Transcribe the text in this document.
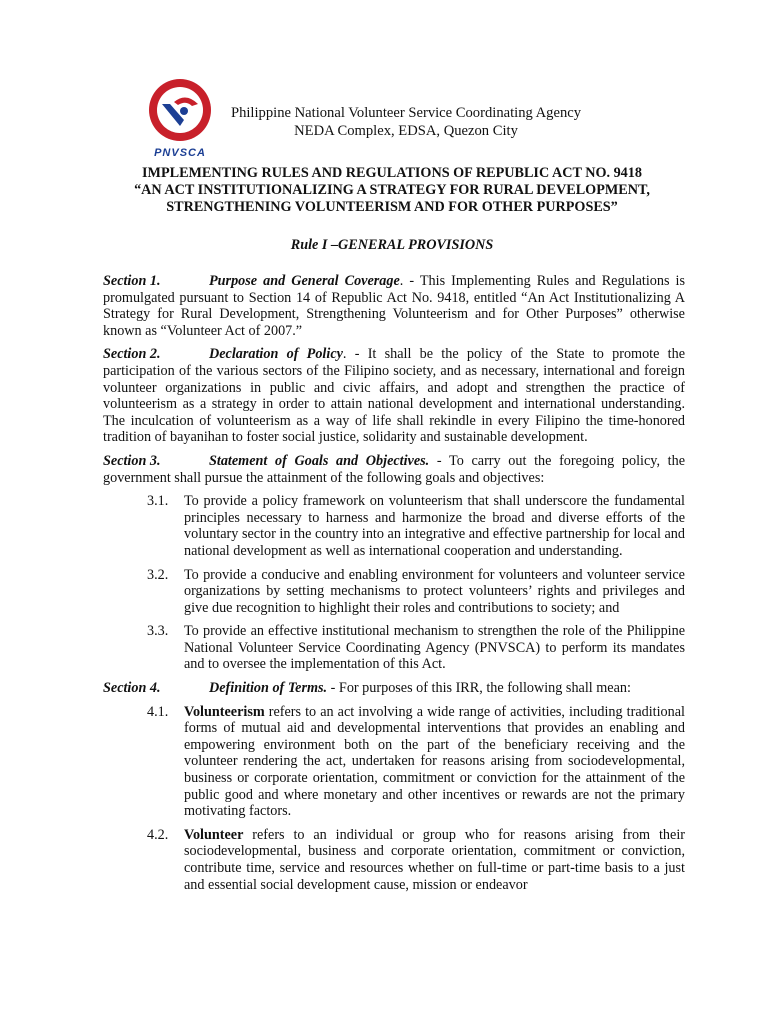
PNVSCA
Philippine National Volunteer Service Coordinating Agency
NEDA Complex, EDSA, Quezon City
IMPLEMENTING RULES AND REGULATIONS OF REPUBLIC ACT NO. 9418
“AN ACT INSTITUTIONALIZING A STRATEGY FOR RURAL DEVELOPMENT,
STRENGTHENING VOLUNTEERISM AND FOR OTHER PURPOSES”
Rule I –GENERAL PROVISIONS

Section 1.	Purpose and General Coverage. - This Implementing Rules and Regulations is promulgated pursuant to Section 14 of Republic Act No. 9418, entitled “An Act Institutionalizing A Strategy for Rural Development, Strengthening Volunteerism and for Other Purposes” otherwise known as “Volunteer Act of 2007.”

Section 2.	Declaration of Policy. - It shall be the policy of the State to promote the participation of the various sectors of the Filipino society, and as necessary, international and foreign volunteer organizations in public and civic affairs, and adopt and strengthen the practice of volunteerism as a strategy in order to attain national development and international understanding. The inculcation of volunteerism as a way of life shall rekindle in every Filipino the time-honored tradition of bayanihan to foster social justice, solidarity and sustainable development.

Section 3.	Statement of Goals and Objectives. - To carry out the foregoing policy, the government shall pursue the attainment of the following goals and objectives:

3.1. To provide a policy framework on volunteerism that shall underscore the fundamental principles necessary to harness and harmonize the broad and diverse efforts of the voluntary sector in the country into an integrative and effective partnership for local and national development as well as international cooperation and understanding.
3.2. To provide a conducive and enabling environment for volunteers and volunteer service organizations by setting mechanisms to protect volunteers’ rights and privileges and give due recognition to highlight their roles and contributions to society; and
3.3. To provide an effective institutional mechanism to strengthen the role of the Philippine National Volunteer Service Coordinating Agency (PNVSCA) to perform its mandates and to oversee the implementation of this Act.

Section 4.	Definition of Terms. - For purposes of this IRR, the following shall mean:

4.1. Volunteerism refers to an act involving a wide range of activities, including traditional forms of mutual aid and developmental interventions that provides an enabling and empowering environment both on the part of the beneficiary receiving and the volunteer rendering the act, undertaken for reasons arising from sociodevelopmental, business or corporate orientation, commitment or conviction for the attainment of the public good and where monetary and other incentives or rewards are not the primary motivating factors.
4.2. Volunteer refers to an individual or group who for reasons arising from their sociodevelopmental, business and corporate orientation, commitment or conviction, contribute time, service and resources whether on full-time or part-time basis to a just and essential social development cause, mission or endeavor
